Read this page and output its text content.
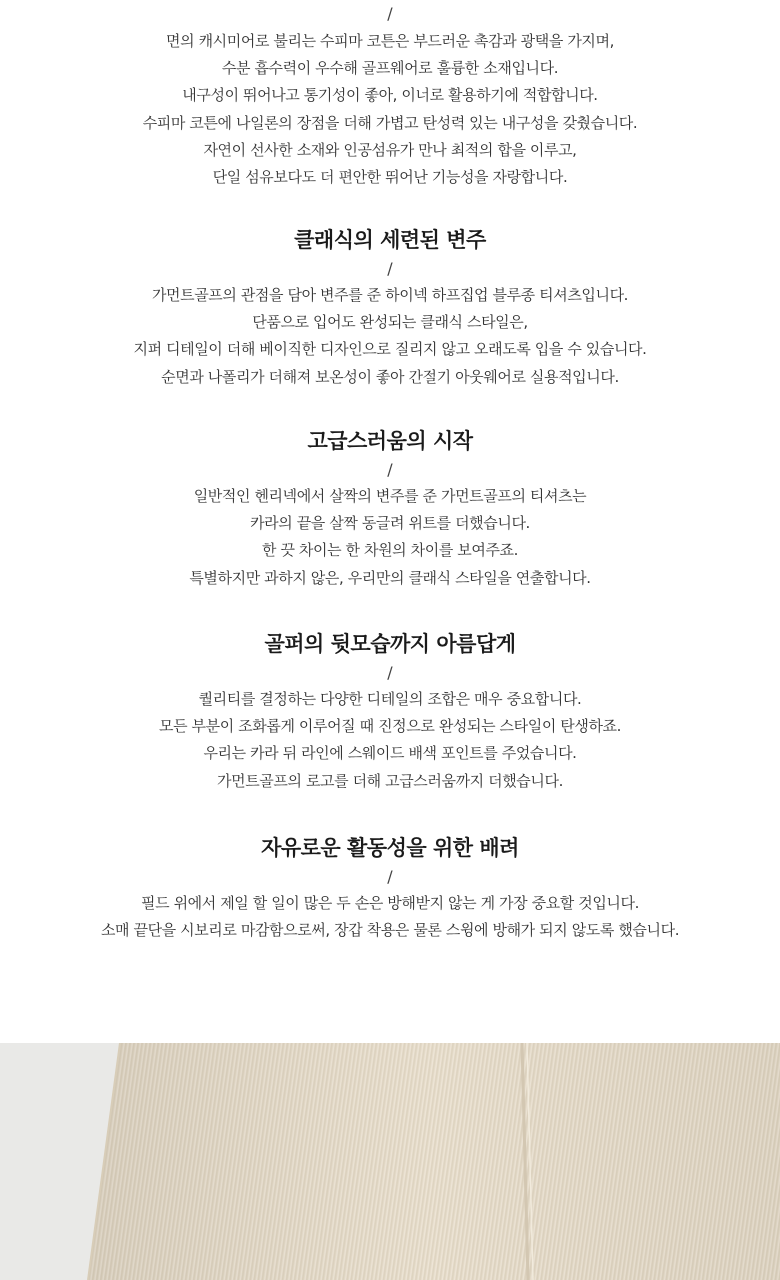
/
면의 캐시미어로 불리는 수피마 코튼은 부드러운 촉감과 광택을 가지며,
수분 흡수력이 우수해 골프웨어로 훌륭한 소재입니다.
내구성이 뛰어나고 통기성이 좋아, 이너로 활용하기에 적합합니다.
수피마 코튼에 나일론의 장점을 더해 가볍고 탄성력 있는 내구성을 갖췄습니다.
자연이 선사한 소재와 인공섬유가 만나 최적의 합을 이루고,
단일 섬유보다도 더 편안한 뛰어난 기능성을 자랑합니다.
클래식의 세련된 변주
/
가먼트골프의 관점을 담아 변주를 준 하이넥 하프집업 블루종 티셔츠입니다.
단품으로 입어도 완성되는 클래식 스타일은,
지퍼 디테일이 더해 베이직한 디자인으로 질리지 않고 오래도록 입을 수 있습니다.
순면과 나폴리가 더해져 보온성이 좋아 간절기 아웃웨어로 실용적입니다.
고급스러움의 시작
/
일반적인 헨리넥에서 살짝의 변주를 준 가먼트골프의 티셔츠는
카라의 끝을 살짝 동글려 위트를 더했습니다.
한 끗 차이는 한 차원의 차이를 보여주죠.
특별하지만 과하지 않은, 우리만의 클래식 스타일을 연출합니다.
골퍼의 뒷모습까지 아름답게
/
퀄리티를 결정하는 다양한 디테일의 조합은 매우 중요합니다.
모든 부분이 조화롭게 이루어질 때 진정으로 완성되는 스타일이 탄생하죠.
우리는 카라 뒤 라인에 스웨이드 배색 포인트를 주었습니다.
가먼트골프의 로고를 더해 고급스러움까지 더했습니다.
자유로운 활동성을 위한 배려
/
필드 위에서 제일 할 일이 많은 두 손은 방해받지 않는 게 가장 중요할 것입니다.
소매 끝단을 시보리로 마감함으로써, 장갑 착용은 물론 스윙에 방해가 되지 않도록 했습니다.
